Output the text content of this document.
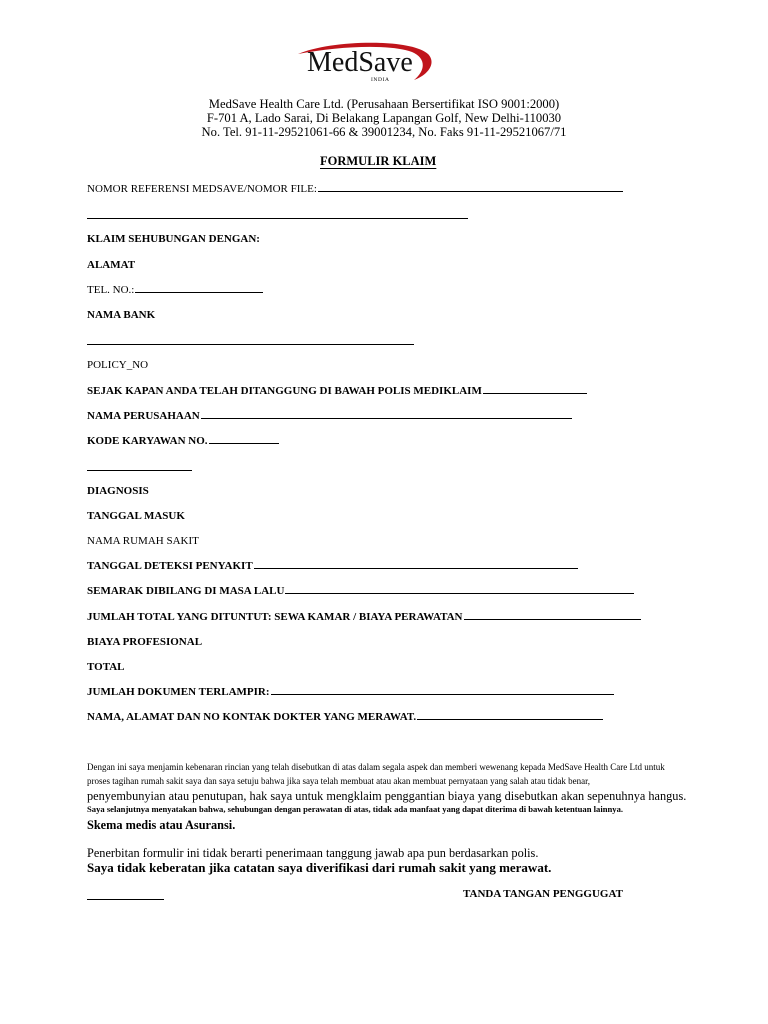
MedSave
INDIA
MedSave Health Care Ltd. (Perusahaan Bersertifikat ISO 9001:2000)
F-701 A, Lado Sarai, Di Belakang Lapangan Golf, New Delhi-110030
No. Tel. 91-11-29521061-66 & 39001234, No. Faks 91-11-29521067/71
FORMULIR KLAIM
NOMOR REFERENSI MEDSAVE/NOMOR FILE:
KLAIM SEHUBUNGAN DENGAN:
ALAMAT
TEL. NO.:
NAMA BANK
POLICY_NO
SEJAK KAPAN ANDA TELAH DITANGGUNG DI BAWAH POLIS MEDIKLAIM
NAMA PERUSAHAAN
KODE KARYAWAN NO.
DIAGNOSIS
TANGGAL MASUK
NAMA RUMAH SAKIT
TANGGAL DETEKSI PENYAKIT
SEMARAK DIBILANG DI MASA LALU
JUMLAH TOTAL YANG DITUNTUT: SEWA KAMAR / BIAYA PERAWATAN
BIAYA PROFESIONAL
TOTAL
JUMLAH DOKUMEN TERLAMPIR:
NAMA, ALAMAT DAN NO KONTAK DOKTER YANG MERAWAT.
Dengan ini saya menjamin kebenaran rincian yang telah disebutkan di atas dalam segala aspek dan memberi wewenang kepada MedSave Health Care Ltd untuk
proses tagihan rumah sakit saya dan saya setuju bahwa jika saya telah membuat atau akan membuat pernyataan yang salah atau tidak benar,
penyembunyian atau penutupan, hak saya untuk mengklaim penggantian biaya yang disebutkan akan sepenuhnya hangus.
Saya selanjutnya menyatakan bahwa, sehubungan dengan perawatan di atas, tidak ada manfaat yang dapat diterima di bawah ketentuan lainnya.
Skema medis atau Asuransi.
Penerbitan formulir ini tidak berarti penerimaan tanggung jawab apa pun berdasarkan polis.
Saya tidak keberatan jika catatan saya diverifikasi dari rumah sakit yang merawat.
TANDA TANGAN PENGGUGAT
